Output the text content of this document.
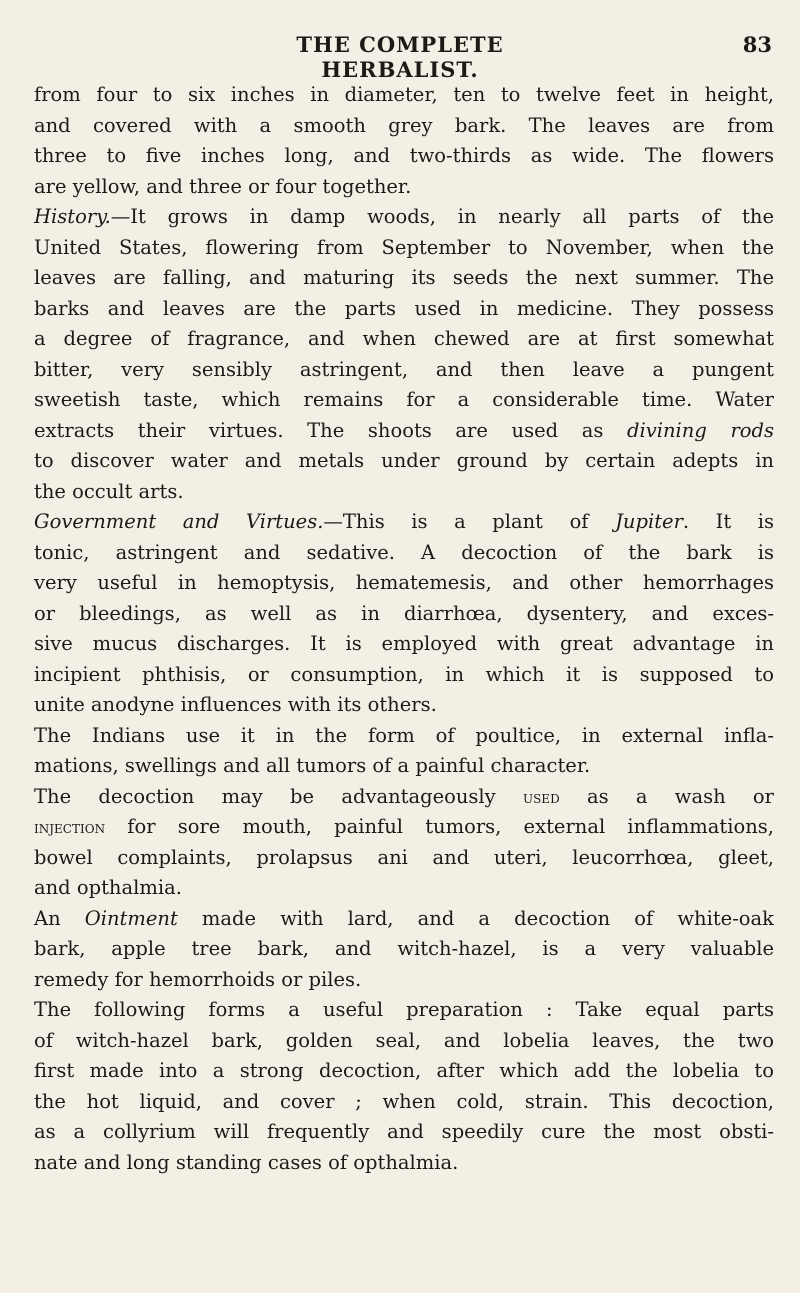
THE COMPLETE HERBALIST.
83
from four to six inches in diameter, ten to twelve feet in height,
and covered with a smooth grey bark. The leaves are from
three to five inches long, and two-thirds as wide. The flowers
are yellow, and three or four together.
History.—It grows in damp woods, in nearly all parts of the
United States, flowering from September to November, when the
leaves are falling, and maturing its seeds the next summer. The
barks and leaves are the parts used in medicine. They possess
a degree of fragrance, and when chewed are at first somewhat
bitter, very sensibly astringent, and then leave a pungent
sweetish taste, which remains for a considerable time. Water
extracts their virtues. The shoots are used as divining rods
to discover water and metals under ground by certain adepts in
the occult arts.
Government and Virtues.—This is a plant of Jupiter. It is
tonic, astringent and sedative. A decoction of the bark is
very useful in hemoptysis, hematemesis, and other hemorrhages
or bleedings, as well as in diarrhœa, dysentery, and exces-
sive mucus discharges. It is employed with great advantage in
incipient phthisis, or consumption, in which it is supposed to
unite anodyne influences with its others.
The Indians use it in the form of poultice, in external infla-
mations, swellings and all tumors of a painful character.
The decoction may be advantageously used as a wash or
injection for sore mouth, painful tumors, external inflammations,
bowel complaints, prolapsus ani and uteri, leucorrhœa, gleet,
and opthalmia.
An Ointment made with lard, and a decoction of white-oak
bark, apple tree bark, and witch-hazel, is a very valuable
remedy for hemorrhoids or piles.
The following forms a useful preparation : Take equal parts
of witch-hazel bark, golden seal, and lobelia leaves, the two
first made into a strong decoction, after which add the lobelia to
the hot liquid, and cover ; when cold, strain. This decoction,
as a collyrium will frequently and speedily cure the most obsti-
nate and long standing cases of opthalmia.
